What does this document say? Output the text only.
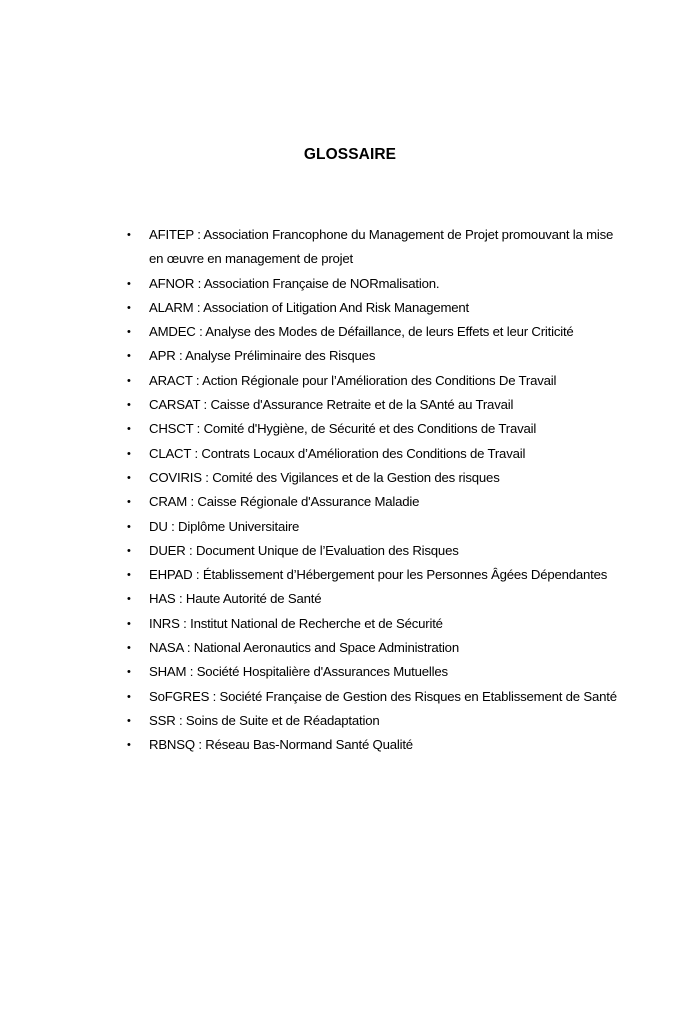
GLOSSAIRE
• AFITEP : Association Francophone du Management de Projet promouvant la mise en œuvre en management de projet
• AFNOR : Association Française de NORmalisation.
• ALARM : Association of Litigation And Risk Management
• AMDEC : Analyse des Modes de Défaillance, de leurs Effets et leur Criticité
• APR : Analyse Préliminaire des Risques
• ARACT : Action Régionale pour l’Amélioration des Conditions De Travail
• CARSAT : Caisse d'Assurance Retraite et de la SAnté au Travail
• CHSCT : Comité d'Hygiène, de Sécurité et des Conditions de Travail
• CLACT : Contrats Locaux d’Amélioration des Conditions de Travail
• COVIRIS : Comité des Vigilances et de la Gestion des risques
• CRAM : Caisse Régionale d'Assurance Maladie
• DU : Diplôme Universitaire
• DUER : Document Unique de l’Evaluation des Risques
• EHPAD : Établissement d’Hébergement pour les Personnes Âgées Dépendantes
• HAS : Haute Autorité de Santé
• INRS : Institut National de Recherche et de Sécurité
• NASA : National Aeronautics and Space Administration
• SHAM : Société Hospitalière d'Assurances Mutuelles
• SoFGRES : Société Française de Gestion des Risques en Etablissement de Santé
• SSR : Soins de Suite et de Réadaptation
• RBNSQ : Réseau Bas-Normand Santé Qualité
